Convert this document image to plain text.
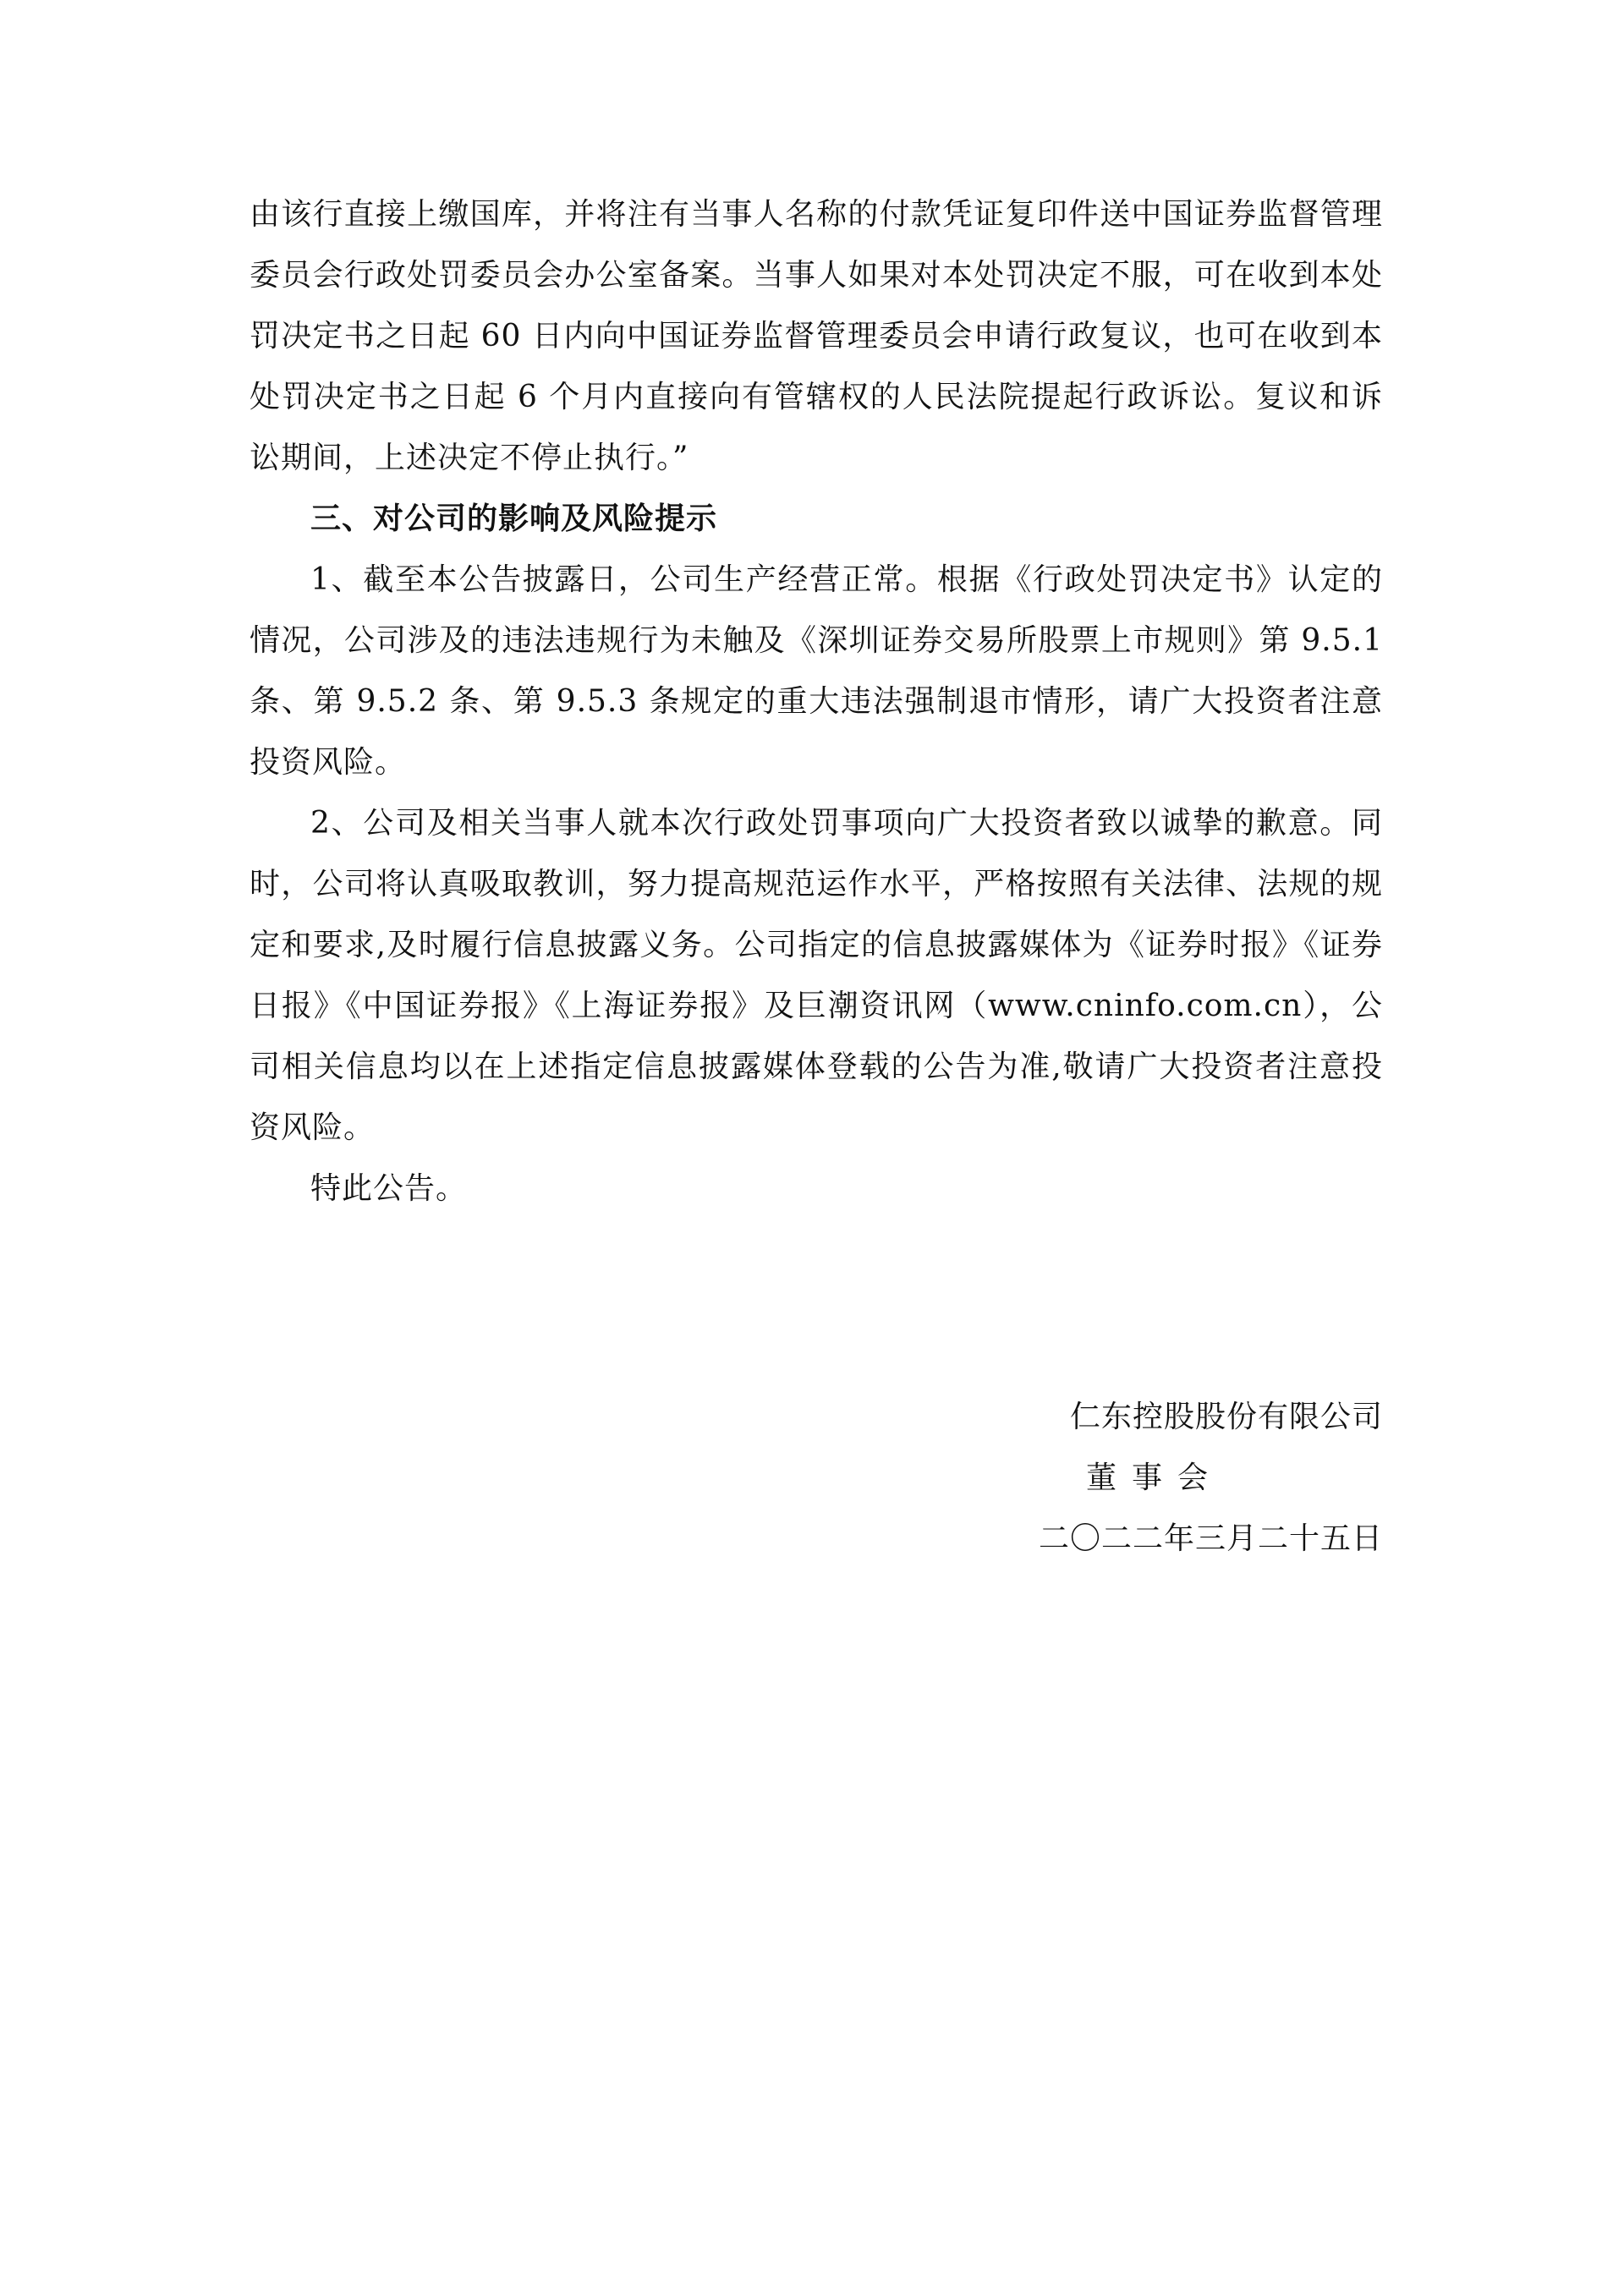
由该行直接上缴国库，并将注有当事人名称的付款凭证复印件送中国证券监督管理委员会行政处罚委员会办公室备案。当事人如果对本处罚决定不服，可在收到本处罚决定书之日起 60 日内向中国证券监督管理委员会申请行政复议，也可在收到本处罚决定书之日起 6 个月内直接向有管辖权的人民法院提起行政诉讼。复议和诉讼期间，上述决定不停止执行。”

三、对公司的影响及风险提示

1、截至本公告披露日，公司生产经营正常。根据《行政处罚决定书》认定的情况，公司涉及的违法违规行为未触及《深圳证券交易所股票上市规则》第 9.5.1 条、第 9.5.2 条、第 9.5.3 条规定的重大违法强制退市情形，请广大投资者注意投资风险。

2、公司及相关当事人就本次行政处罚事项向广大投资者致以诚挚的歉意。同时，公司将认真吸取教训，努力提高规范运作水平，严格按照有关法律、法规的规定和要求,及时履行信息披露义务。公司指定的信息披露媒体为《证券时报》《证券日报》《中国证券报》《上海证券报》及巨潮资讯网（www.cninfo.com.cn），公司相关信息均以在上述指定信息披露媒体登载的公告为准,敬请广大投资者注意投资风险。

特此公告。

仁东控股股份有限公司
董事会
二〇二二年三月二十五日
